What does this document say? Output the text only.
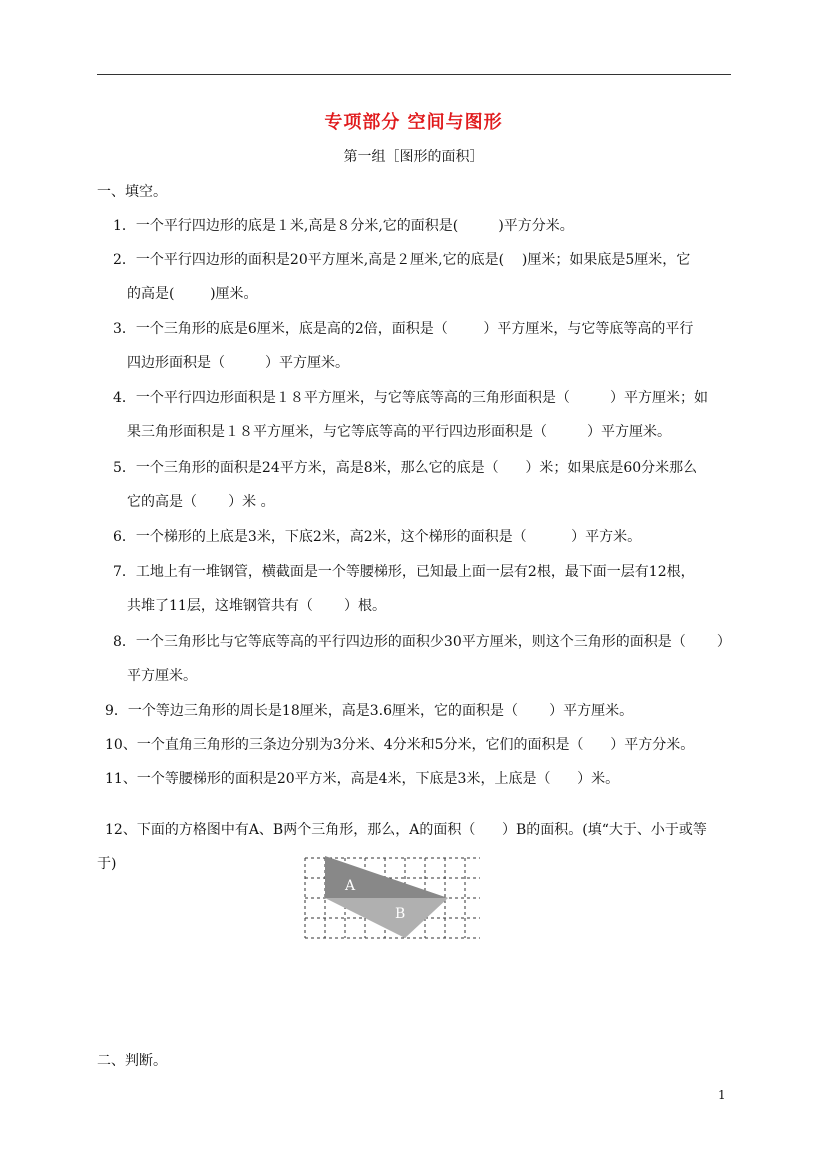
专项部分 空间与图形
第一组［图形的面积］
一、填空。
1．一个平行四边形的底是１米,高是８分米,它的面积是(         )平方分米。
2．一个平行四边形的面积是20平方厘米,高是２厘米,它的底是(    )厘米；如果底是5厘米，它
的高是(        )厘米。
3．一个三角形的底是6厘米，底是高的2倍，面积是（        ）平方厘米，与它等底等高的平行
四边形面积是（         ）平方厘米。
4．一个平行四边形面积是１８平方厘米，与它等底等高的三角形面积是（         ）平方厘米；如
果三角形面积是１８平方厘米，与它等底等高的平行四边形面积是（         ）平方厘米。
5．一个三角形的面积是24平方米，高是8米，那么它的底是（      ）米；如果底是60分米那么
它的高是（       ）米 。
6．一个梯形的上底是3米，下底2米，高2米，这个梯形的面积是（          ）平方米。
7．工地上有一堆钢管，横截面是一个等腰梯形，已知最上面一层有2根，最下面一层有12根，
共堆了11层，这堆钢管共有（       ）根。
8．一个三角形比与它等底等高的平行四边形的面积少30平方厘米，则这个三角形的面积是（       ）
平方厘米。
9．一个等边三角形的周长是18厘米，高是3.6厘米，它的面积是（       ）平方厘米。
10、一个直角三角形的三条边分别为3分米、4分米和5分米，它们的面积是（      ）平方分米。
11、一个等腰梯形的面积是20平方米，高是4米，下底是3米，上底是（      ）米。
12、下面的方格图中有A、B两个三角形，那么，A的面积（      ）B的面积。(填“大于、小于或等
于)
A
B
二、判断。
1
